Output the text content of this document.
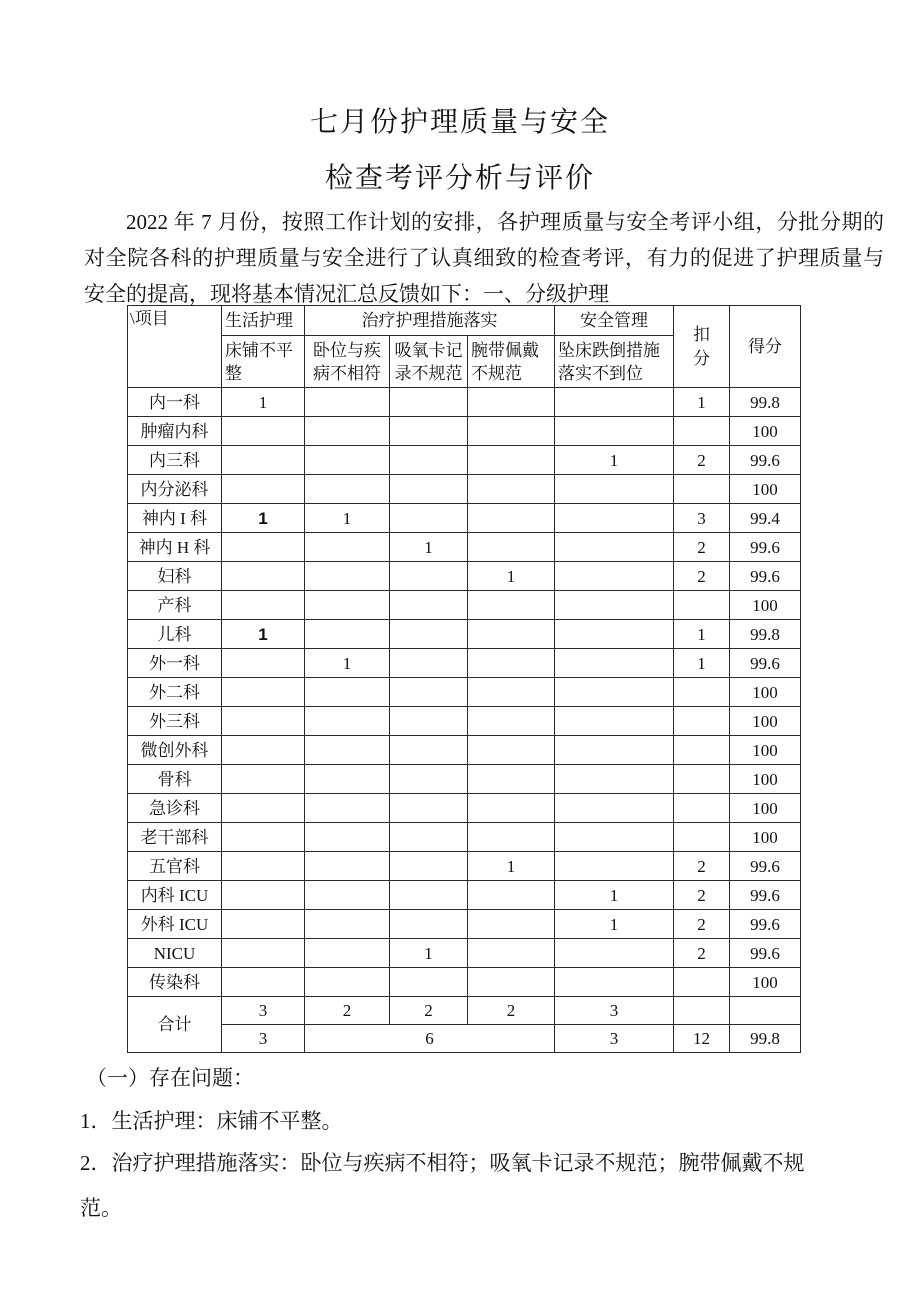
七月份护理质量与安全
检查考评分析与评价
2022 年 7 月份，按照工作计划的安排，各护理质量与安全考评小组，分批分期的
对全院各科的护理质量与安全进行了认真细致的检查考评，有力的促进了护理质量与
安全的提高，现将基本情况汇总反馈如下：一、分级护理
\项目	生活护理	治疗护理措施落实			安全管理	扣分	得分
	床铺不平整	卧位与疾病不相符	吸氧卡记录不规范	腕带佩戴不规范	坠床跌倒措施落实不到位		
内一科	1					1	99.8
肿瘤内科							100
内三科					1	2	99.6
内分泌科							100
神内 I 科	1	1				3	99.4
神内 H 科			1			2	99.6
妇科				1		2	99.6
产科							100
儿科	1					1	99.8
外一科		1				1	99.6
外二科							100
外三科							100
微创外科							100
骨科							100
急诊科							100
老干部科							100
五官科				1		2	99.6
内科 ICU					1	2	99.6
外科 ICU					1	2	99.6
NICU			1			2	99.6
传染科							100
合计	3	2	2	2	3		
	3	6			3	12	99.8
（一）存在问题：
1．生活护理：床铺不平整。
2．治疗护理措施落实：卧位与疾病不相符；吸氧卡记录不规范；腕带佩戴不规
范。
